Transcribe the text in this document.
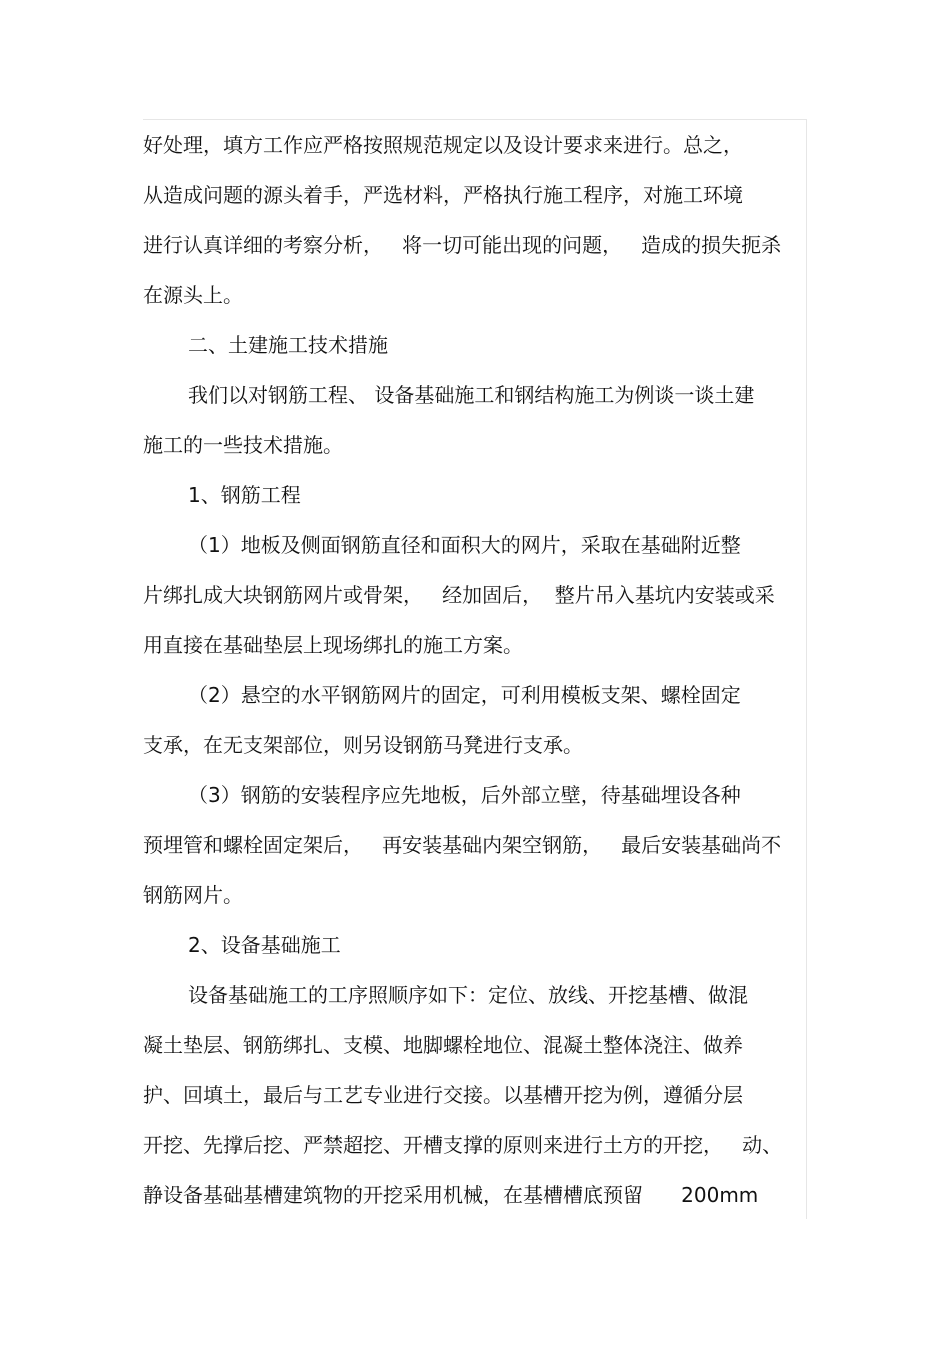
好处理，填方工作应严格按照规范规定以及设计要求来进行。总之，
从造成问题的源头着手，严选材料，严格执行施工程序，对施工环境
进行认真详细的考察分析，   将一切可能出现的问题，   造成的损失扼杀
在源头上。
二、土建施工技术措施
我们以对钢筋工程、 设备基础施工和钢结构施工为例谈一谈土建
施工的一些技术措施。
1、钢筋工程
（1）地板及侧面钢筋直径和面积大的网片，采取在基础附近整
片绑扎成大块钢筋网片或骨架，   经加固后，  整片吊入基坑内安装或采
用直接在基础垫层上现场绑扎的施工方案。
（2）悬空的水平钢筋网片的固定，可利用模板支架、螺栓固定
支承，在无支架部位，则另设钢筋马凳进行支承。
（3）钢筋的安装程序应先地板，后外部立壁，待基础埋设各种
预埋管和螺栓固定架后，   再安装基础内架空钢筋，   最后安装基础尚不
钢筋网片。
2、设备基础施工
设备基础施工的工序照顺序如下：定位、放线、开挖基槽、做混
凝土垫层、钢筋绑扎、支模、地脚螺栓地位、混凝土整体浇注、做养
护、回填土，最后与工艺专业进行交接。以基槽开挖为例，遵循分层
开挖、先撑后挖、严禁超挖、开槽支撑的原则来进行土方的开挖，   动、
静设备基础基槽建筑物的开挖采用机械，在基槽槽底预留      200mm
